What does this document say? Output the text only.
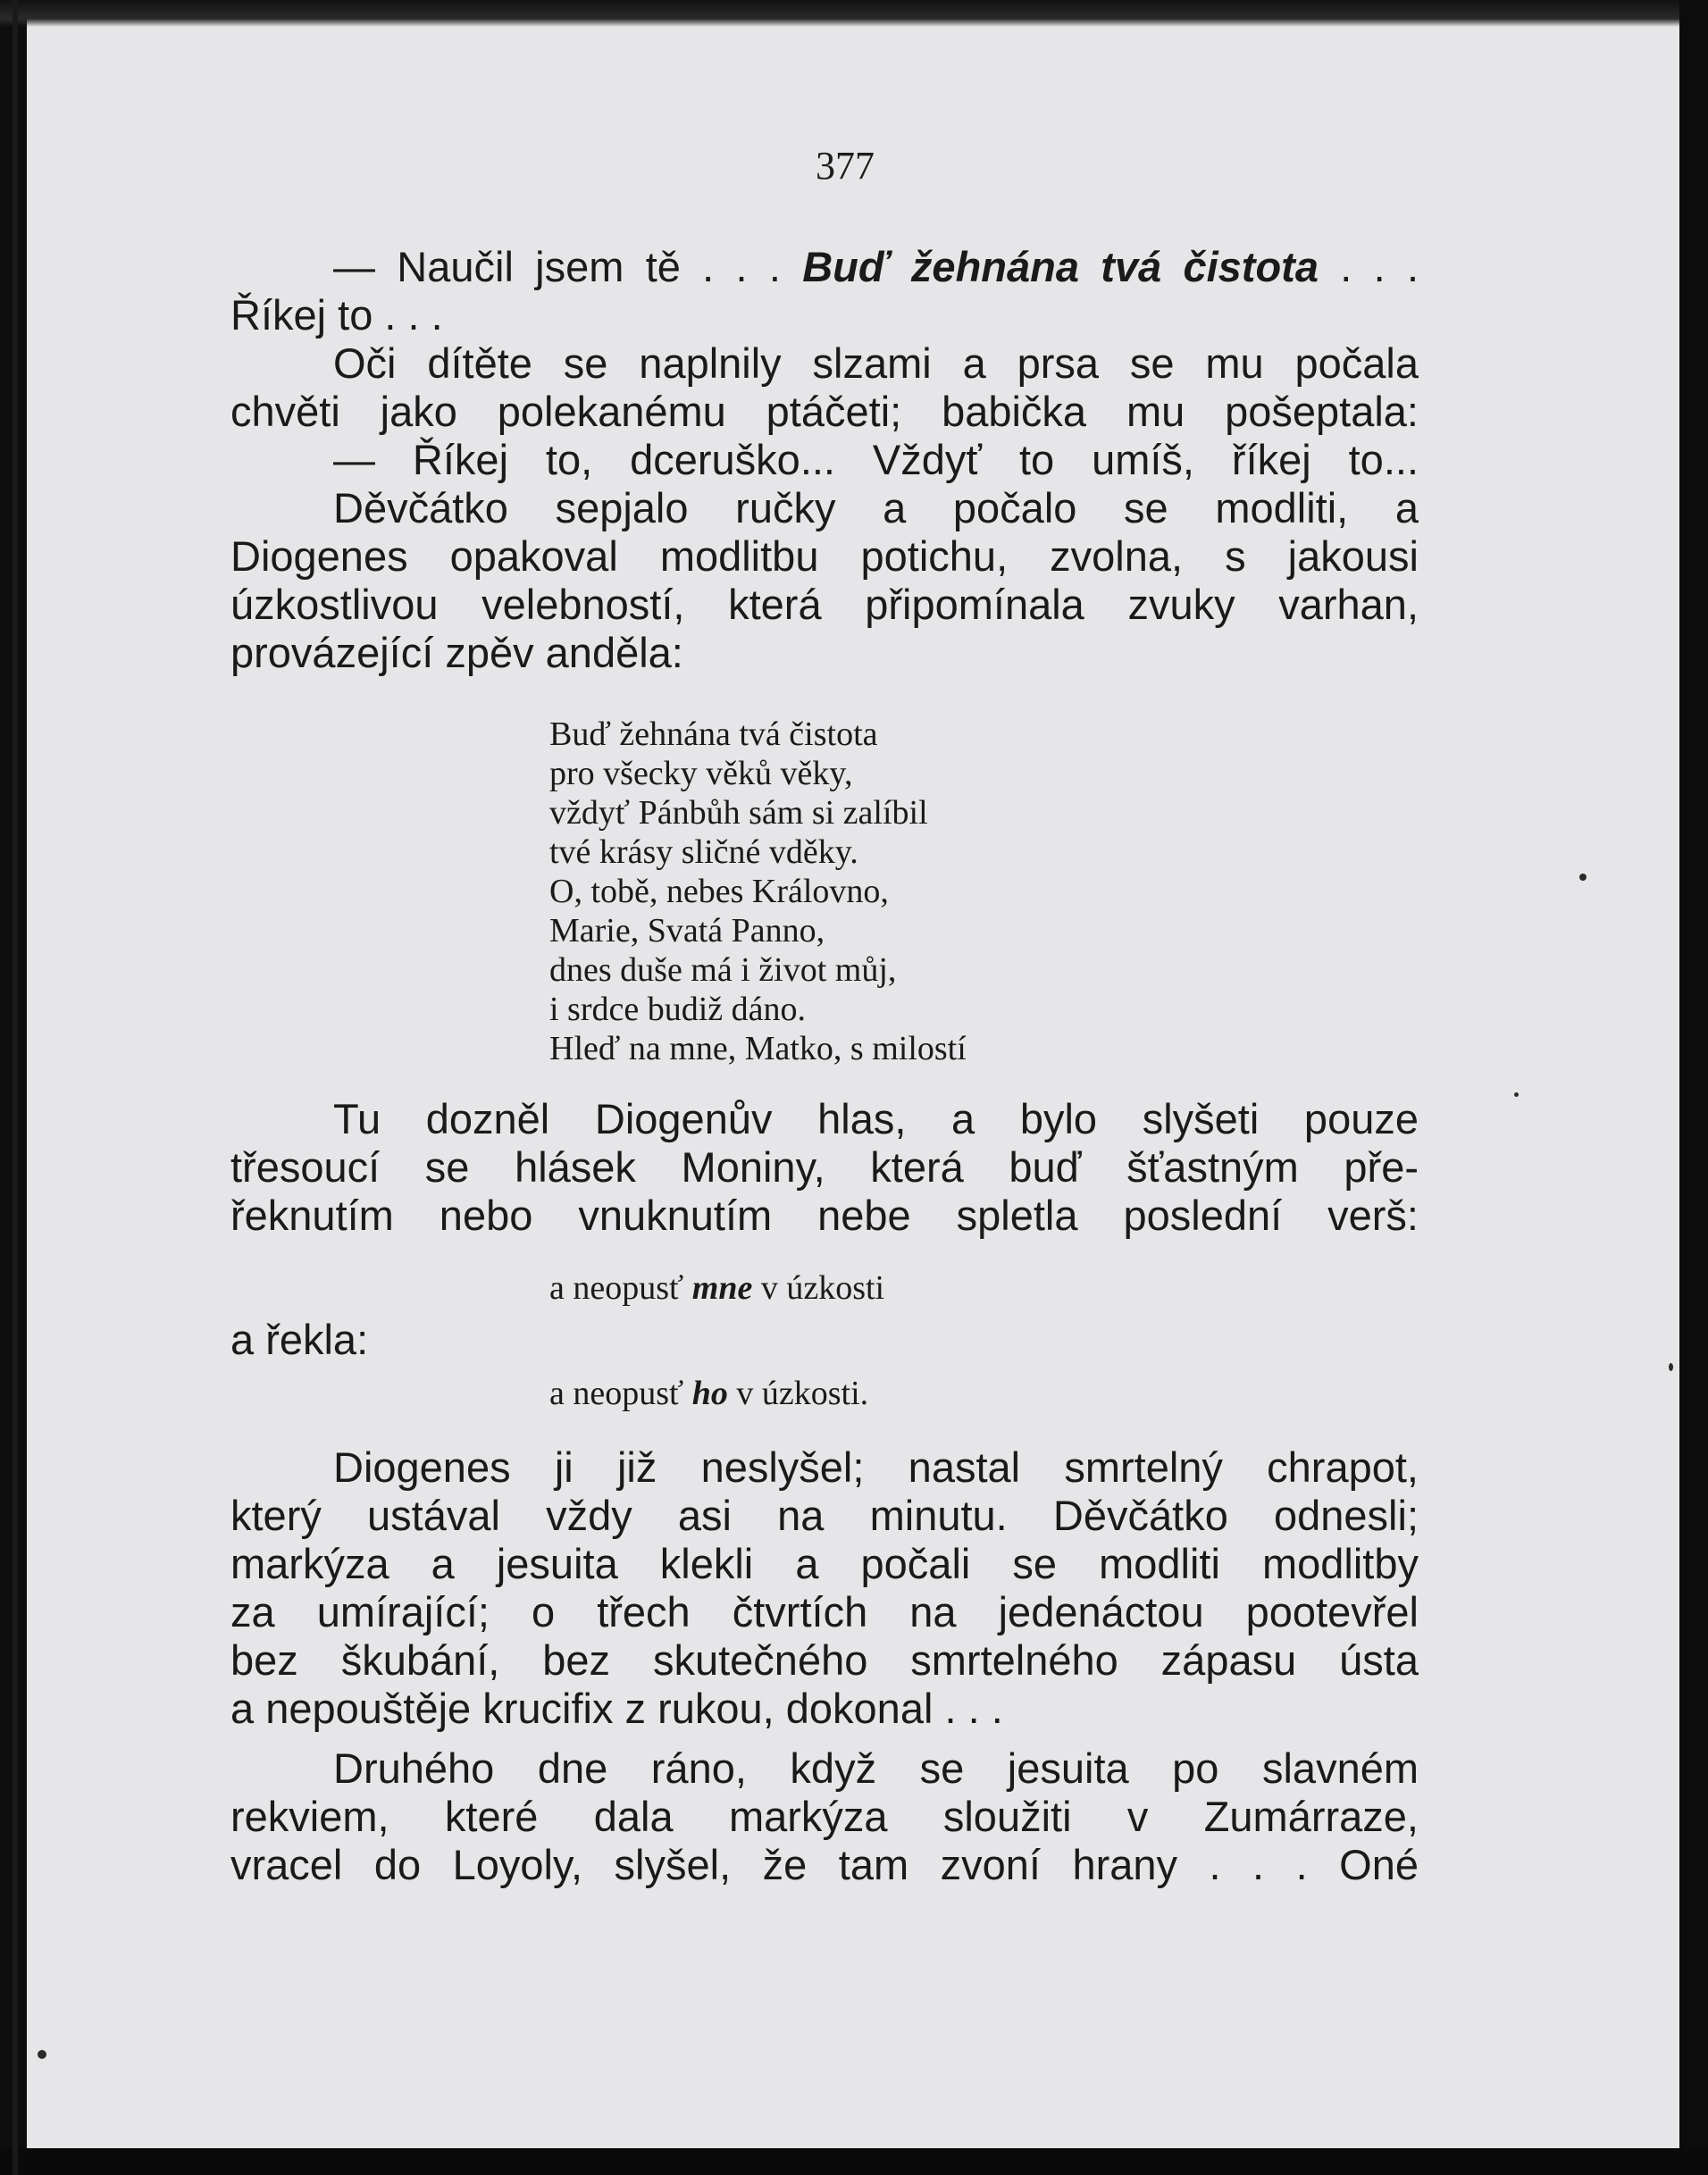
377
— Naučil jsem tě . . . Buď žehnána tvá čistota . . .
Říkej to . . .
Oči dítěte se naplnily slzami a prsa se mu počala
chvěti jako polekanému ptáčeti; babička mu pošeptala:
— Říkej to, dceruško... Vždyť to umíš, říkej to...
Děvčátko sepjalo ručky a počalo se modliti, a
Diogenes opakoval modlitbu potichu, zvolna, s jakousi
úzkostlivou velebností, která připomínala zvuky varhan,
provázející zpěv anděla:
Buď žehnána tvá čistota
pro všecky věků věky,
vždyť Pánbůh sám si zalíbil
tvé krásy sličné vděky.
O, tobě, nebes Královno,
Marie, Svatá Panno,
dnes duše má i život můj,
i srdce budiž dáno.
Hleď na mne, Matko, s milostí
Tu dozněl Diogenův hlas, a bylo slyšeti pouze
třesoucí se hlásek Moniny, která buď šťastným pře-
řeknutím nebo vnuknutím nebe spletla poslední verš:
a neopusť mne v úzkosti
a řekla:
a neopusť ho v úzkosti.
Diogenes ji již neslyšel; nastal smrtelný chrapot,
který ustával vždy asi na minutu. Děvčátko odnesli;
markýza a jesuita klekli a počali se modliti modlitby
za umírající; o třech čtvrtích na jedenáctou pootevřel
bez škubání, bez skutečného smrtelného zápasu ústa
a nepouštěje krucifix z rukou, dokonal . . .
Druhého dne ráno, když se jesuita po slavném
rekviem, které dala markýza sloužiti v Zumárraze,
vracel do Loyoly, slyšel, že tam zvoní hrany . . . Oné
